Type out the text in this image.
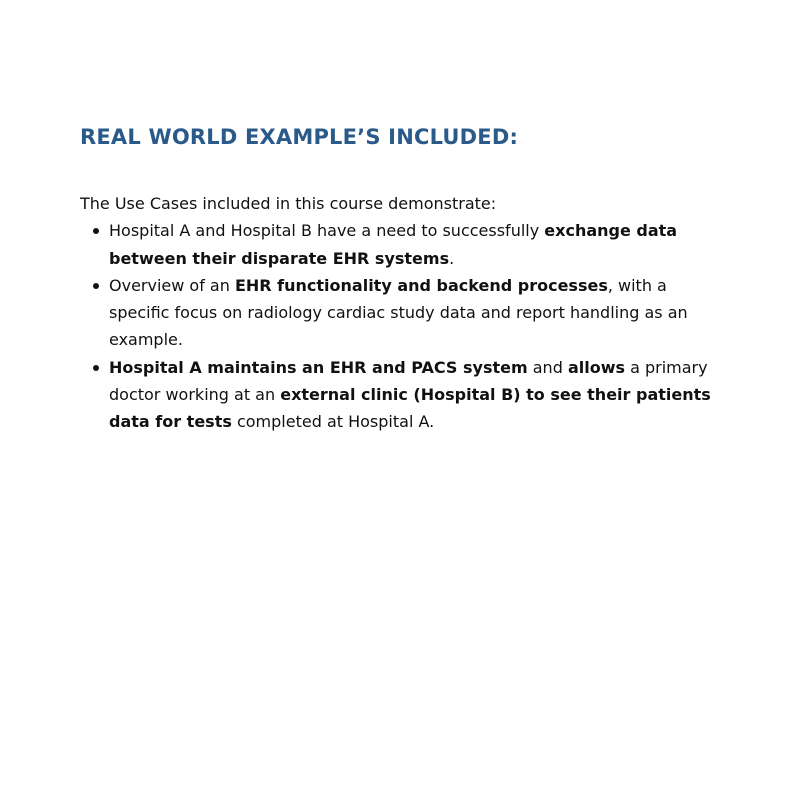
REAL WORLD EXAMPLE’S INCLUDED:

The Use Cases included in this course demonstrate:

Hospital A and Hospital B have a need to successfully exchange data between their disparate EHR systems.
Overview of an EHR functionality and backend processes, with a specific focus on radiology cardiac study data and report handling as an example.
Hospital A maintains an EHR and PACS system and allows a primary doctor working at an external clinic (Hospital B) to see their patients data for tests completed at Hospital A.
